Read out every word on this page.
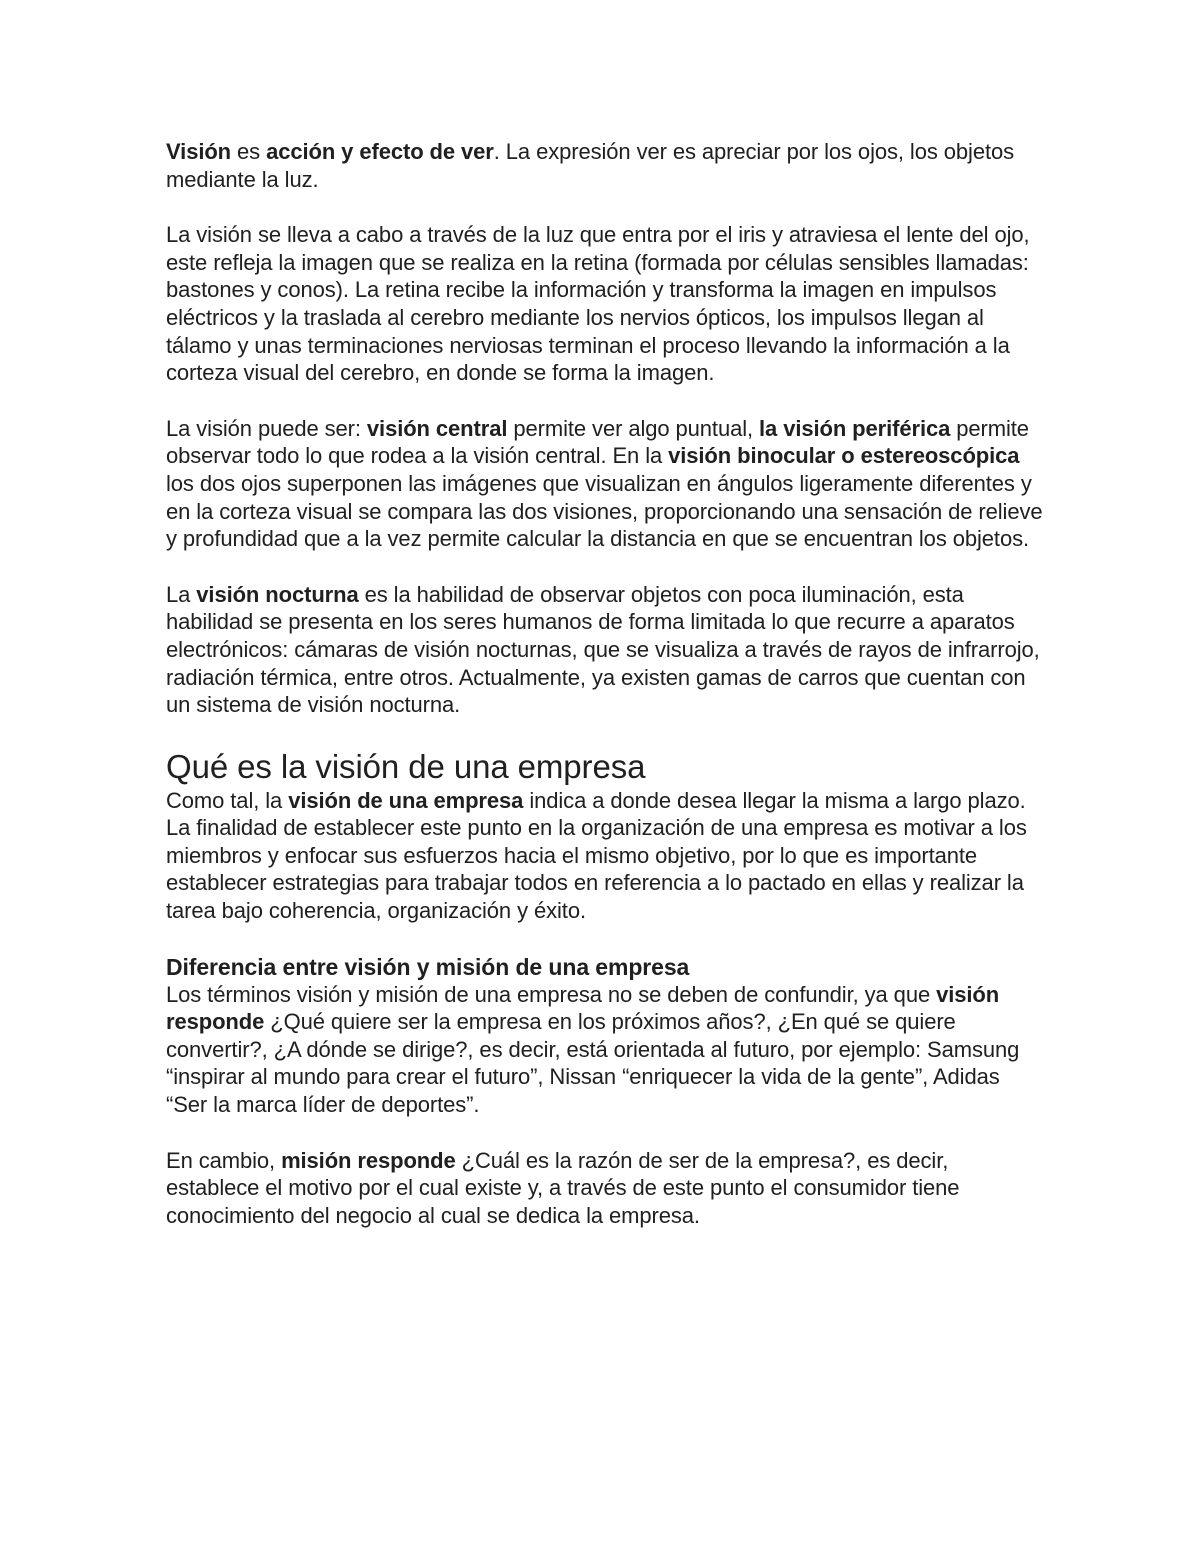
Visión es acción y efecto de ver. La expresión ver es apreciar por los ojos, los objetos mediante la luz.

La visión se lleva a cabo a través de la luz que entra por el iris y atraviesa el lente del ojo, este refleja la imagen que se realiza en la retina (formada por células sensibles llamadas: bastones y conos). La retina recibe la información y transforma la imagen en impulsos eléctricos y la traslada al cerebro mediante los nervios ópticos, los impulsos llegan al tálamo y unas terminaciones nerviosas terminan el proceso llevando la información a la corteza visual del cerebro, en donde se forma la imagen.

La visión puede ser: visión central permite ver algo puntual, la visión periférica permite observar todo lo que rodea a la visión central. En la visión binocular o estereoscópica los dos ojos superponen las imágenes que visualizan en ángulos ligeramente diferentes y en la corteza visual se compara las dos visiones, proporcionando una sensación de relieve y profundidad que a la vez permite calcular la distancia en que se encuentran los objetos.

La visión nocturna es la habilidad de observar objetos con poca iluminación, esta habilidad se presenta en los seres humanos de forma limitada lo que recurre a aparatos electrónicos: cámaras de visión nocturnas, que se visualiza a través de rayos de infrarrojo, radiación térmica, entre otros. Actualmente, ya existen gamas de carros que cuentan con un sistema de visión nocturna.

Qué es la visión de una empresa

Como tal, la visión de una empresa indica a donde desea llegar la misma a largo plazo. La finalidad de establecer este punto en la organización de una empresa es motivar a los miembros y enfocar sus esfuerzos hacia el mismo objetivo, por lo que es importante establecer estrategias para trabajar todos en referencia a lo pactado en ellas y realizar la tarea bajo coherencia, organización y éxito.

Diferencia entre visión y misión de una empresa

Los términos visión y misión de una empresa no se deben de confundir, ya que visión responde ¿Qué quiere ser la empresa en los próximos años?, ¿En qué se quiere convertir?, ¿A dónde se dirige?, es decir, está orientada al futuro, por ejemplo: Samsung “inspirar al mundo para crear el futuro”, Nissan “enriquecer la vida de la gente”, Adidas “Ser la marca líder de deportes”.

En cambio, misión responde ¿Cuál es la razón de ser de la empresa?, es decir, establece el motivo por el cual existe y, a través de este punto el consumidor tiene conocimiento del negocio al cual se dedica la empresa.
